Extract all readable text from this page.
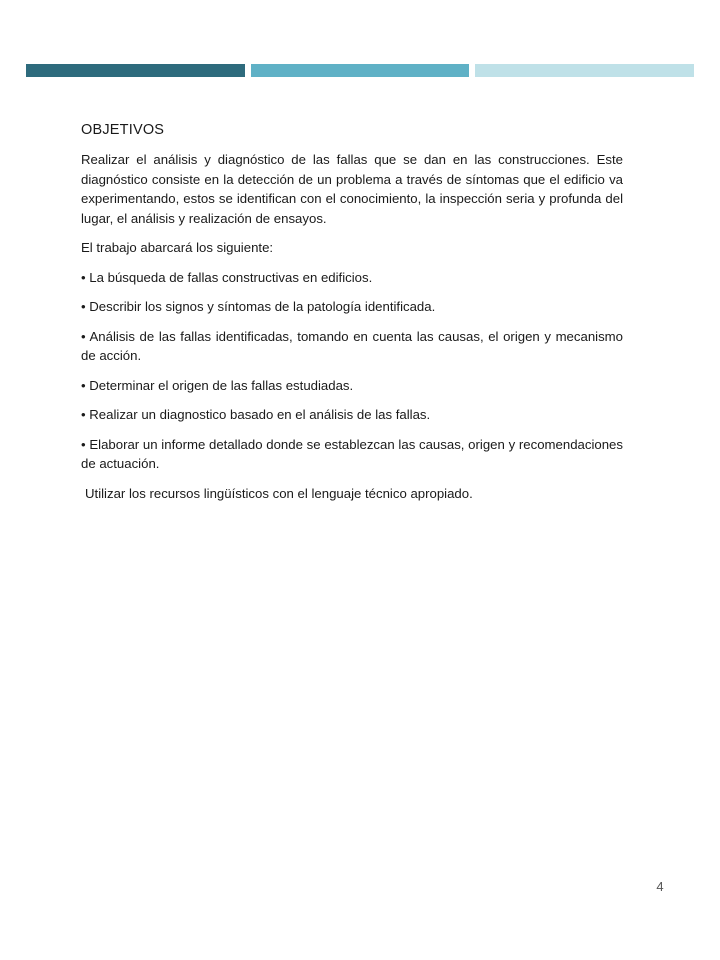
OBJETIVOS

Realizar el análisis y diagnóstico de las fallas que se dan en las construcciones. Este diagnóstico consiste en la detección de un problema a través de síntomas que el edificio va experimentando, estos se identifican con el conocimiento, la inspección seria y profunda del lugar, el análisis y realización de ensayos.

El trabajo abarcará los siguiente:

• La búsqueda de fallas constructivas en edificios.

• Describir los signos y síntomas de la patología identificada.

• Análisis de las fallas identificadas, tomando en cuenta las causas, el origen y mecanismo de acción.

• Determinar el origen de las fallas estudiadas.

• Realizar un diagnostico basado en el análisis de las fallas.

• Elaborar un informe detallado donde se establezcan las causas, origen y recomendaciones de actuación.

Utilizar los recursos lingüísticos con el lenguaje técnico apropiado.

4
